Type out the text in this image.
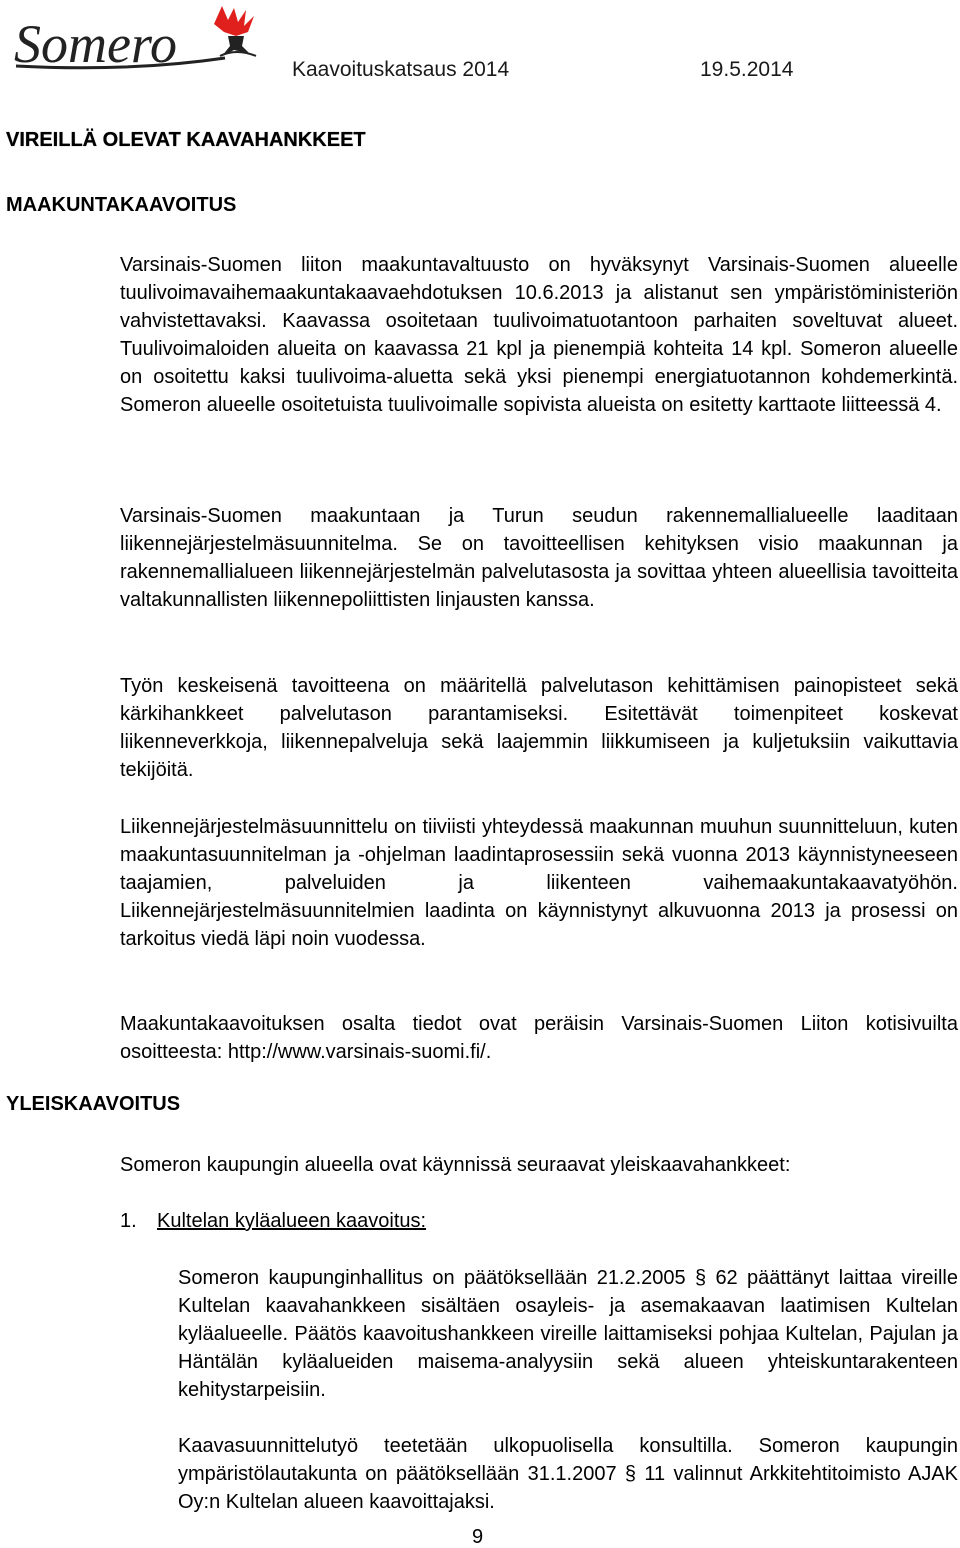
Somero	Kaavoituskatsaus 2014	19.5.2014
VIREILLÄ OLEVAT KAAVAHANKKEET
MAAKUNTAKAAVOITUS

Varsinais-Suomen liiton maakuntavaltuusto on hyväksynyt Varsinais-Suomen alueelle tuulivoimavaihemaakuntakaavaehdotuksen 10.6.2013 ja alistanut sen ympäristöministeriön vahvistettavaksi. Kaavassa osoitetaan tuulivoimatuotantoon parhaiten soveltuvat alueet. Tuulivoimaloiden alueita on kaavassa 21 kpl ja pienempiä kohteita 14 kpl. Someron alueelle on osoitettu kaksi tuulivoima-aluetta sekä yksi pienempi energiatuotannon kohdemerkintä. Someron alueelle osoitetuista tuulivoimalle sopivista alueista on esitetty karttaote liitteessä 4.

Varsinais-Suomen maakuntaan ja Turun seudun rakennemallialueelle laaditaan liikennejärjestelmäsuunnitelma. Se on tavoitteellisen kehityksen visio maakunnan ja rakennemallialueen liikennejärjestelmän palvelutasosta ja sovittaa yhteen alueellisia tavoitteita valtakunnallisten liikennepoliittisten linjausten kanssa.

Työn keskeisenä tavoitteena on määritellä palvelutason kehittämisen painopisteet sekä kärkihankkeet palvelutason parantamiseksi. Esitettävät toimenpiteet koskevat liikenneverkkoja, liikennepalveluja sekä laajemmin liikkumiseen ja kuljetuksiin vaikuttavia tekijöitä.

Liikennejärjestelmäsuunnittelu on tiiviisti yhteydessä maakunnan muuhun suunnitteluun, kuten maakuntasuunnitelman ja -ohjelman laadintaprosessiin sekä vuonna 2013 käynnistyneeseen taajamien, palveluiden ja liikenteen vaihemaakuntakaavatyöhön. Liikennejärjestelmäsuunnitelmien laadinta on käynnistynyt alkuvuonna 2013 ja prosessi on tarkoitus viedä läpi noin vuodessa.

Maakuntakaavoituksen osalta tiedot ovat peräisin Varsinais-Suomen Liiton kotisivuilta osoitteesta: http://www.varsinais-suomi.fi/.

YLEISKAAVOITUS

Someron kaupungin alueella ovat käynnissä seuraavat yleiskaavahankkeet:

1. Kultelan kyläalueen kaavoitus:

Someron kaupunginhallitus on päätöksellään 21.2.2005 § 62 päättänyt laittaa vireille Kultelan kaavahankkeen sisältäen osayleis- ja asemakaavan laatimisen Kultelan kyläalueelle. Päätös kaavoitushankkeen vireille laittamiseksi pohjaa Kultelan, Pajulan ja Häntälän kyläalueiden maisema-analyysiin sekä alueen yhteiskuntarakenteen kehitystarpeisiin.

Kaavasuunnittelutyö teetetään ulkopuolisella konsultilla. Someron kaupungin ympäristölautakunta on päätöksellään 31.1.2007 § 11 valinnut Arkkitehtitoimisto AJAK Oy:n Kultelan alueen kaavoittajaksi.

9
